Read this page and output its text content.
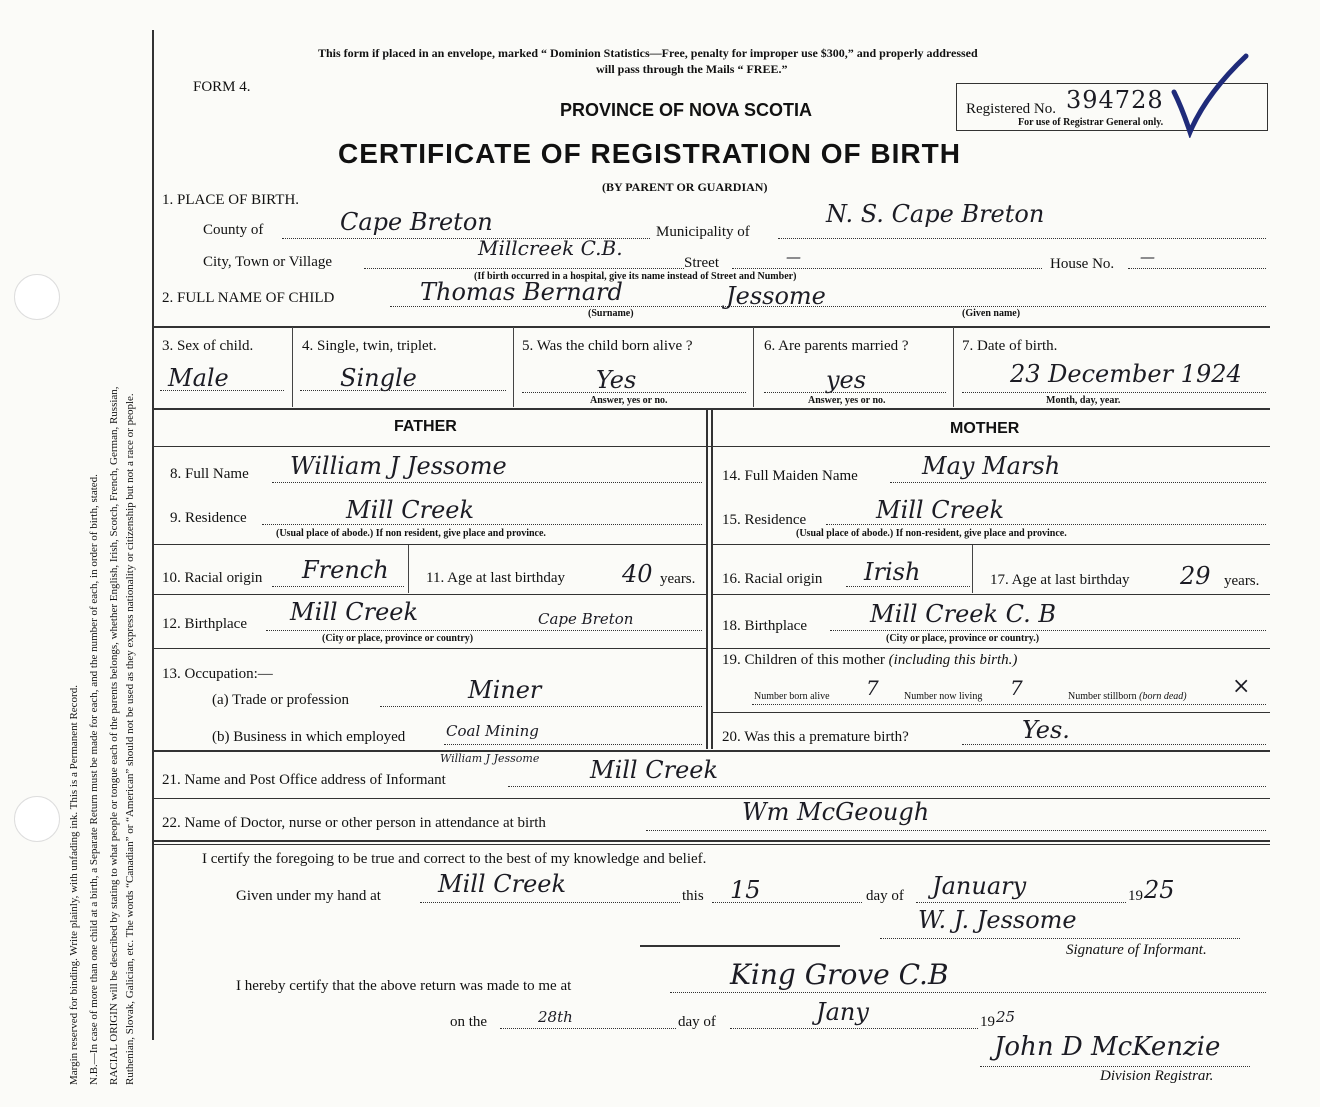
Margin reserved for binding. Write plainly, with unfading ink. This is a Permanent Record. N.B.—In case of more than one child at a birth, a Separate Return must be made for each, and the number of each, in order of birth, stated. RACIAL ORIGIN will be described by stating to what people or tongue each of the parents belongs, whether English, Irish, Scotch, French, German, Russian, Ruthenian, Slovak, Galician, etc. The words “Canadian” or “American” should not be used as they express nationality or citizenship but not a race or people.
This form if placed in an envelope, marked “ Dominion Statistics—Free, penalty for improper use $300,” and properly addressed
will pass through the Mails “ FREE.”
FORM 4.
PROVINCE OF NOVA SCOTIA	Registered No. 394728
For use of Registrar General only.
CERTIFICATE OF REGISTRATION OF BIRTH
(BY PARENT OR GUARDIAN)
1. PLACE OF BIRTH.
County of	Cape Breton	Municipality of
N. S. Cape Breton
City, Town or Village
Millcreek C.B.
Street	—	House No. —
(If birth occurred in a hospital, give its name instead of Street and Number)
2. FULL NAME OF CHILD	Thomas Bernard	Jessome
(Surname)	(Given name)
3. Sex of child.
Male
4. Single, twin, triplet.
Single
5. Was the child born alive ?
Yes
Answer, yes or no.
6. Are parents married ?
yes
Answer, yes or no.
7. Date of birth.
23 December 1924
Month, day, year.
FATHER	MOTHER
8. Full Name William J Jessome
9. Residence	Mill Creek
(Usual place of abode.) If non resident, give place and province.
10. Racial origin French 11. Age at last birthday 40 years.
12. Birthplace Mill Creek	Cape Breton
(City or place, province or country)
13. Occupation:—
(a) Trade or profession	Miner
(b) Business in which employed	Coal Mining
14. Full Maiden Name	May Marsh
15. Residence	Mill Creek
(Usual place of abode.) If non-resident, give place and province.
16. Racial origin Irish	17. Age at last birthday 29 years.
18. Birthplace	Mill Creek C. B
(City or place, province or country.)
19. Children of this mother (including this birth.)
Number born alive 7	Number now living 7	Number stillborn (born dead) ×
20. Was this a premature birth?	Yes.
21. Name and Post Office address of Informant
William J Jessome Mill Creek
22. Name of Doctor, nurse or other person in attendance at birth	Wm McGeough
I certify the foregoing to be true and correct to the best of my knowledge and belief.
Given under my hand at Mill Creek	this 15	day of January	19 25
W. J. Jessome
Signature of Informant.
I hereby certify that the above return was made to me at	King Grove C.B
on the	28th	day of	Jany	19 25
John D McKenzie
Division Registrar.
